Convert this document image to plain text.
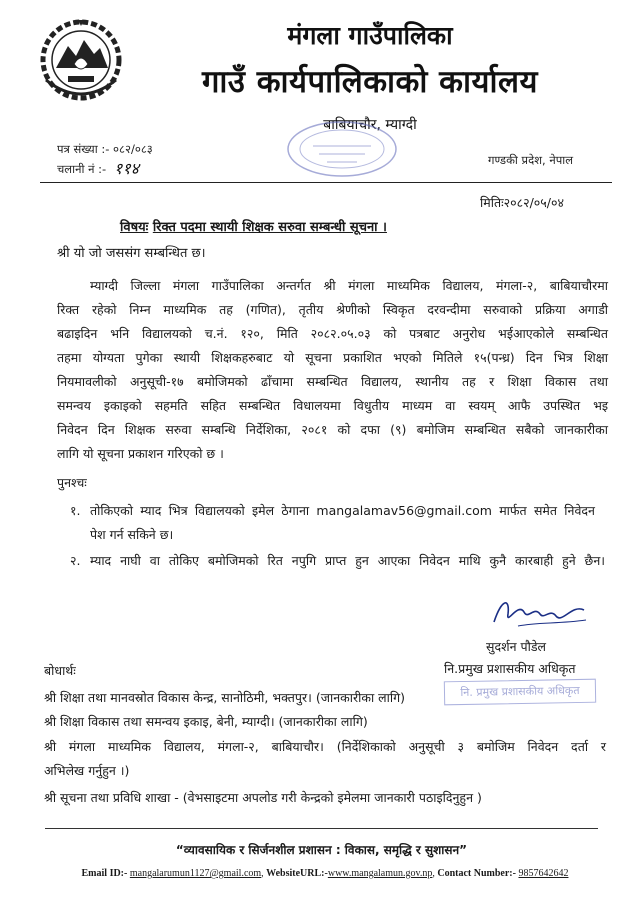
मंगला गाउँपालिका
गाउँ कार्यपालिकाको कार्यालय
बाबियाचौर, म्याग्दी
पत्र संख्या :- ०८२/०८३
चलानी नं :- ११४	गण्डकी प्रदेश, नेपाल
मितिः२०८२/०५/०४
विषयः रिक्त पदमा स्थायी शिक्षक सरुवा सम्बन्धी सूचना ।
श्री यो जो जससंग सम्बन्धित छ।
म्याग्दी जिल्ला मंगला गाउँपालिका अन्तर्गत श्री मंगला माध्यमिक विद्यालय, मंगला-२, बाबियाचौरमा
रिक्त रहेको निम्न माध्यमिक तह (गणित), तृतीय श्रेणीको स्विकृत दरवन्दीमा सरुवाको प्रक्रिया अगाडी
बढाइदिन भनि विद्यालयको च.नं. १२०, मिति २०८२.०५.०३ को पत्रबाट अनुरोध भईआएकोले सम्बन्धित
तहमा योग्यता पुगेका स्थायी शिक्षकहरुबाट यो सूचना प्रकाशित भएको मितिले १५(पन्ध्र) दिन भित्र शिक्षा
नियमावलीको अनुसूची-१७ बमोजिमको ढाँचामा सम्बन्धित विद्यालय, स्थानीय तह र शिक्षा विकास तथा
समन्वय इकाइको सहमति सहित सम्बन्धित विधालयमा विधुतीय माध्यम वा स्वयम् आफै उपस्थित भइ
निवेदन दिन शिक्षक सरुवा सम्बन्धि निर्देशिका, २०८१ को दफा (९) बमोजिम सम्बन्धित सबैको जानकारीका
लागि यो सूचना प्रकाशन गरिएको छ ।
पुनश्चः
१. तोकिएको म्याद भित्र विद्यालयको इमेल ठेगाना mangalamav56@gmail.com मार्फत समेत निवेदन
पेश गर्न सकिने छ।
२. म्याद नाघी वा तोकिए बमोजिमको रित नपुगि प्राप्त हुन आएका निवेदन माथि कुनै कारबाही हुने छैन।
सुदर्शन पौडेल
नि.प्रमुख प्रशासकीय अधिकृत
नि. प्रमुख प्रशासकीय अधिकृत
बोधार्थः
श्री शिक्षा तथा मानवस्रोत विकास केन्द्र, सानोठिमी, भक्तपुर। (जानकारीका लागि)
श्री शिक्षा विकास तथा समन्वय इकाइ, बेनी, म्याग्दी। (जानकारीका लागि)
श्री मंगला माध्यमिक विद्यालय, मंगला-२, बाबियाचौर। (निर्देशिकाको अनुसूची ३ बमोजिम निवेदन दर्ता र
अभिलेख गर्नुहुन ।)
श्री सूचना तथा प्रविधि शाखा - (वेभसाइटमा अपलोड गरी केन्द्रको इमेलमा जानकारी पठाइदिनुहुन )
“व्यावसायिक र सिर्जनशील प्रशासन : विकास, समृद्धि र सुशासन”
Email ID:- mangalarumun1127@gmail.com, WebsiteURL:-www.mangalamun.gov.np, Contact Number:- 9857642642
